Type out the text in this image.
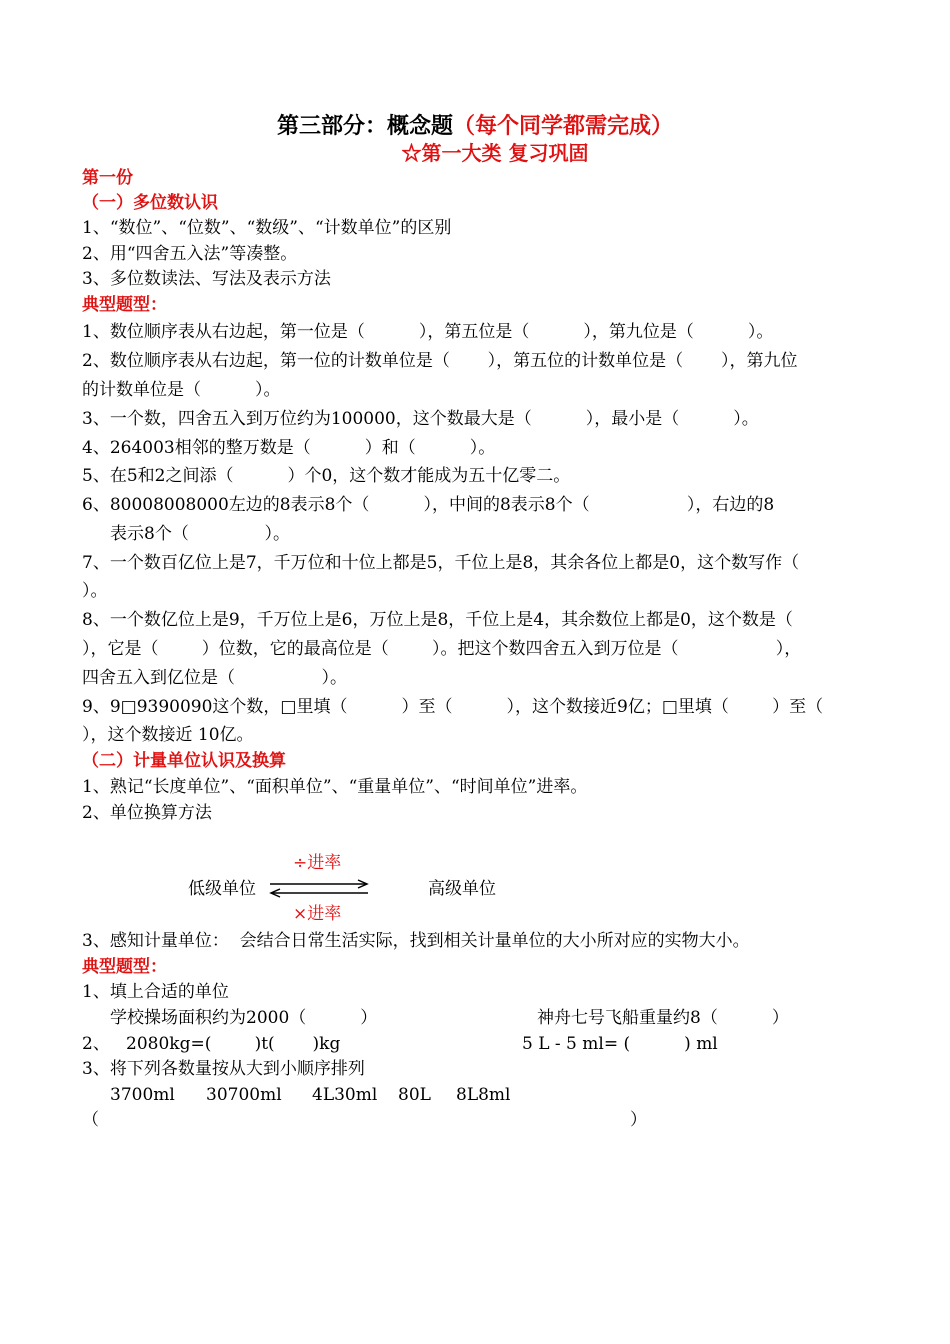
第三部分：概念题（每个同学都需完成）
☆第一大类 复习巩固
第一份
（一）多位数认识
1、“数位”、“位数”、“数级”、“计数单位”的区别
2、用“四舍五入法”等凑整。
3、多位数读法、写法及表示方法
典型题型：
1、数位顺序表从右边起，第一位是（          ），第五位是（          ），第九位是（          ）。
2、数位顺序表从右边起，第一位的计数单位是（       ），第五位的计数单位是（       ），第九位
的计数单位是（          ）。
3、一个数，四舍五入到万位约为100000，这个数最大是（          ），最小是（          ）。
4、264003相邻的整万数是（          ）和（          ）。
5、在5和2之间添（          ）个0，这个数才能成为五十亿零二。
6、80008008000左边的8表示8个（          ），中间的8表示8个（                  ），右边的8
表示8个（              ）。
7、一个数百亿位上是7，千万位和十位上都是5，千位上是8，其余各位上都是0，这个数写作（
）。
8、一个数亿位上是9，千万位上是6，万位上是8，千位上是4，其余数位上都是0，这个数是（
），它是（        ）位数，它的最高位是（        ）。把这个数四舍五入到万位是（                  ），
四舍五入到亿位是（                ）。
9、9□9390090这个数，□里填（          ）至（          ），这个数接近9亿；□里填（        ）至（
），这个数接近 10亿。
（二）计量单位认识及换算
1、熟记“长度单位”、“面积单位”、“重量单位”、“时间单位”进率。
2、单位换算方法
÷进率
低级单位	高级单位
×进率
3、感知计量单位：  会结合日常生活实际，找到相关计量单位的大小所对应的实物大小。
典型题型：
1、填上合适的单位
学校操场面积约为2000（          ）	神舟七号飞船重量约8（          ）
2、   2080kg=(        )t(       )kg	5 L - 5 ml= (          ) ml
3、将下列各数量按从大到小顺序排列
3700ml 30700ml 4L30ml 80L 8L8ml
（	）
